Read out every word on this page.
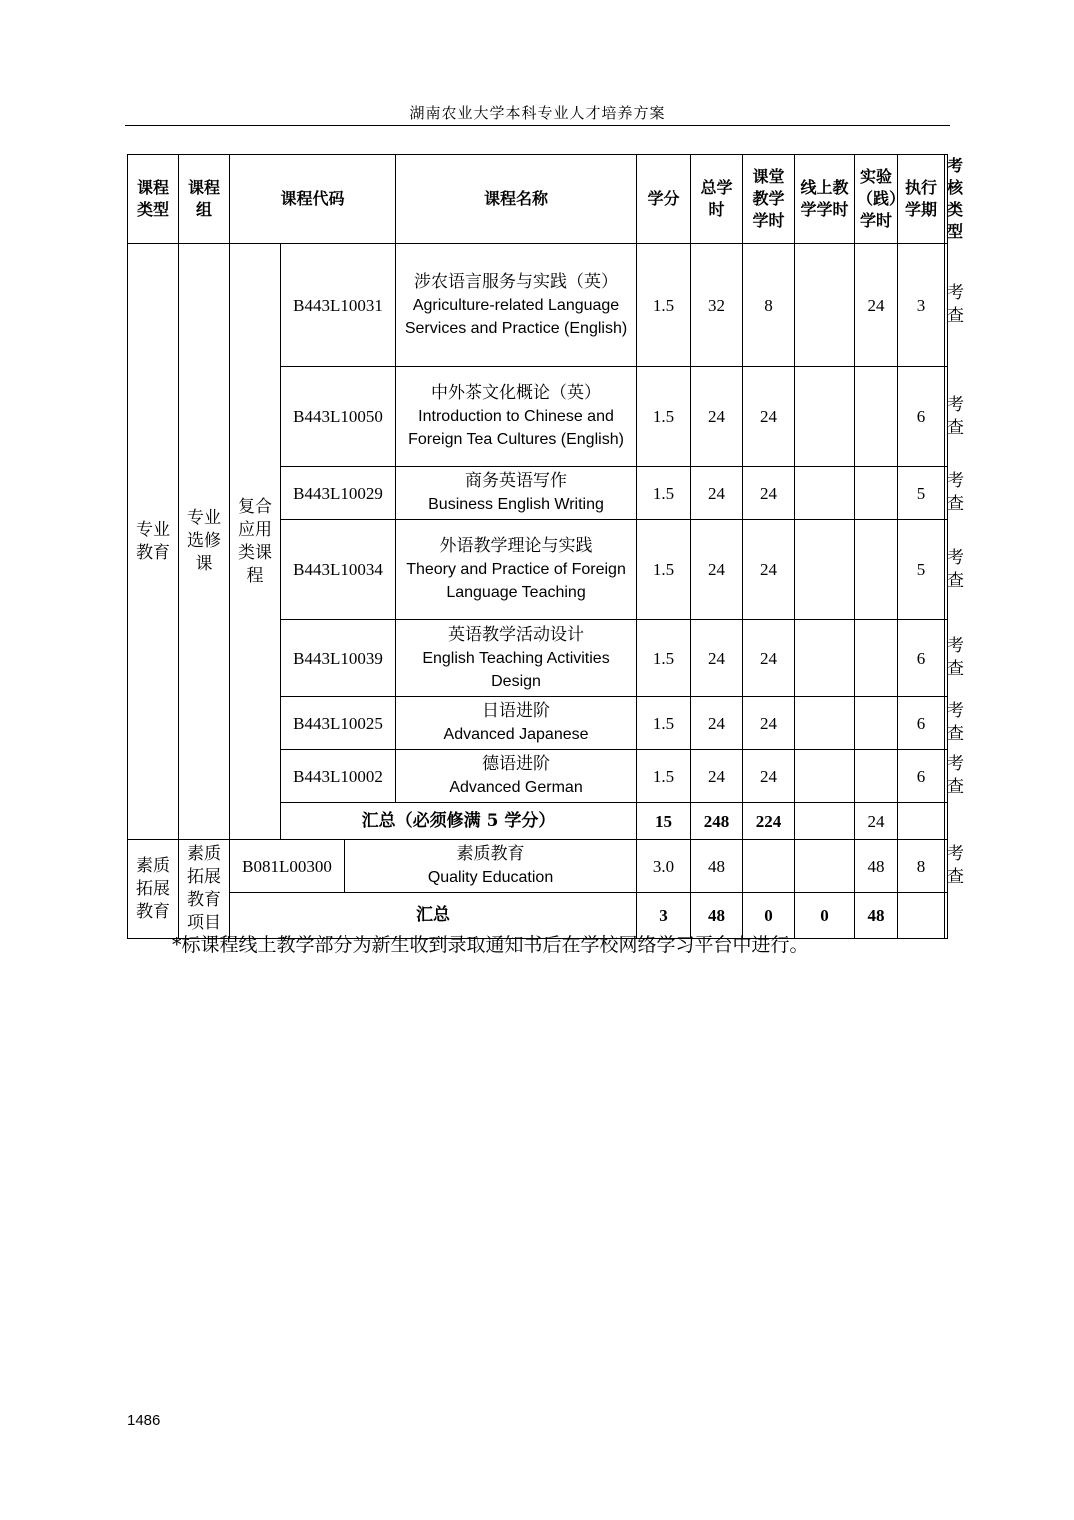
湖南农业大学本科专业人才培养方案
课程类型	课程组	课程代码			课程名称	学分	总学时	课堂教学学时	线上教学学时	实验（践）学时	执行学期	考核类型
专业教育	专业选修课	复合应用类课程	B443L10031		涉农语言服务与实践（英）
Agriculture-related Language Services and Practice (English)	1.5	32	8		24	3	考查
			B443L10050		中外茶文化概论（英）
Introduction to Chinese and Foreign Tea Cultures (English)	1.5	24	24			6	考查
			B443L10029		商务英语写作
Business English Writing	1.5	24	24			5	考查
			B443L10034		外语教学理论与实践
Theory and Practice of Foreign Language Teaching	1.5	24	24			5	考查
			B443L10039		英语教学活动设计
English Teaching Activities Design	1.5	24	24			6	考查
			B443L10025		日语进阶
Advanced Japanese	1.5	24	24			6	考查
			B443L10002		德语进阶
Advanced German	1.5	24	24			6	考查
			汇总（必须修满 5 学分）			15	248	224		24		
素质拓展教育	素质拓展教育项目	B081L00300		素质教育
Quality Education		3.0	48			48	8	考查
		汇总				3	48	0	0	48		
*标课程线上教学部分为新生收到录取通知书后在学校网络学习平台中进行。
1486
